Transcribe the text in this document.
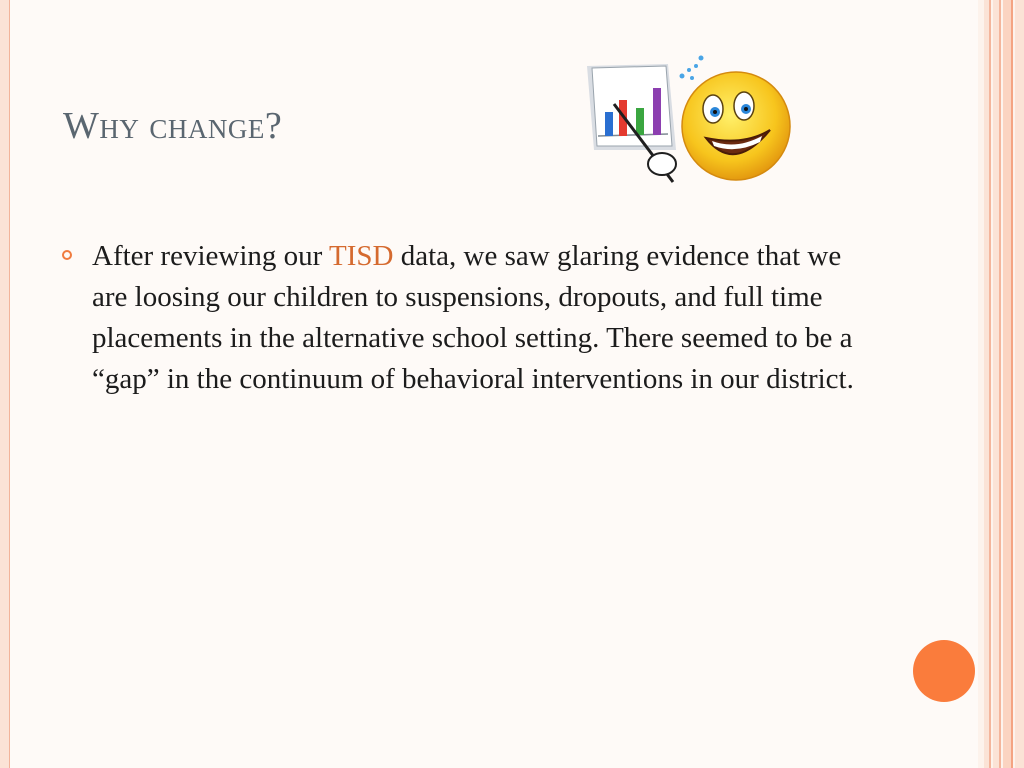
Why change?
After reviewing our TISD data, we saw glaring evidence that we are loosing our children to suspensions, dropouts, and full time placements in the alternative school setting. There seemed to be a “gap” in the continuum of behavioral interventions in our district.
